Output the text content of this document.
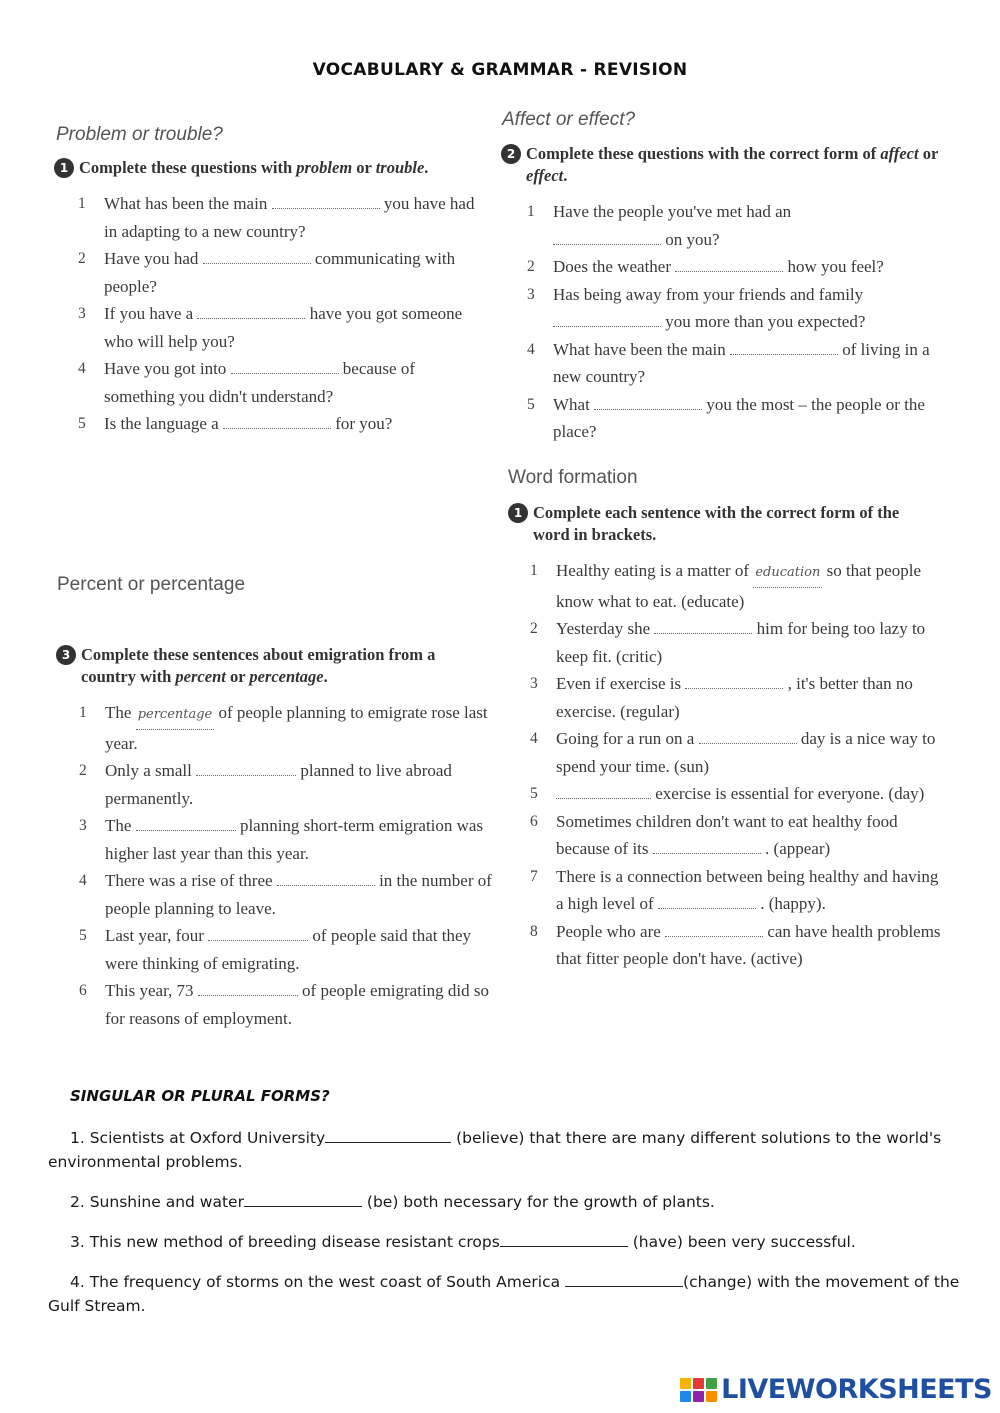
VOCABULARY & GRAMMAR - REVISION
Problem or trouble?
1 Complete these questions with problem or trouble.
1	What has been the main	you have had in adapting to a new country?
2	Have you had	communicating with people?
3	If you have a	have you got someone who will help you?
4	Have you got into	because of something you didn't understand?
5	Is the language a	for you?
Affect or effect?
2 Complete these questions with the correct form of affect or effect.
1	Have the people you've met had an
on you?
2	Does the weather	how you feel?
3	Has being away from your friends and family
you more than you expected?
4	What have been the main	of living in a new country?
5	What	you the most – the people or the place?
Word formation
1 Complete each sentence with the correct form of the word in brackets.
1	Healthy eating is a matter of education so that people know what to eat. (educate)
2	Yesterday she	him for being too lazy to keep fit. (critic)
3	Even if exercise is	, it's better than no exercise. (regular)
4	Going for a run on a	day is a nice way to spend your time. (sun)
5	exercise is essential for everyone. (day)
6	Sometimes children don't want to eat healthy food because of its	. (appear)
7	There is a connection between being healthy and having a high level of	. (happy).
8	People who are	can have health problems that fitter people don't have. (active)
Percent or percentage
3 Complete these sentences about emigration from a country with percent or percentage.
1	The percentage of people planning to emigrate rose last year.
2	Only a small	planned to live abroad permanently.
3	The	planning short-term emigration was higher last year than this year.
4	There was a rise of three	in the number of people planning to leave.
5	Last year, four	of people said that they were thinking of emigrating.
6	This year, 73	of people emigrating did so for reasons of employment.
SINGULAR OR PLURAL FORMS?
1. Scientists at Oxford University	(believe) that there are many different solutions to the world's environmental problems.
2. Sunshine and water	(be) both necessary for the growth of plants.
3. This new method of breeding disease resistant crops	(have) been very successful.
4. The frequency of storms on the west coast of South America	(change) with the movement of the Gulf Stream.
LIVEWORKSHEETS
